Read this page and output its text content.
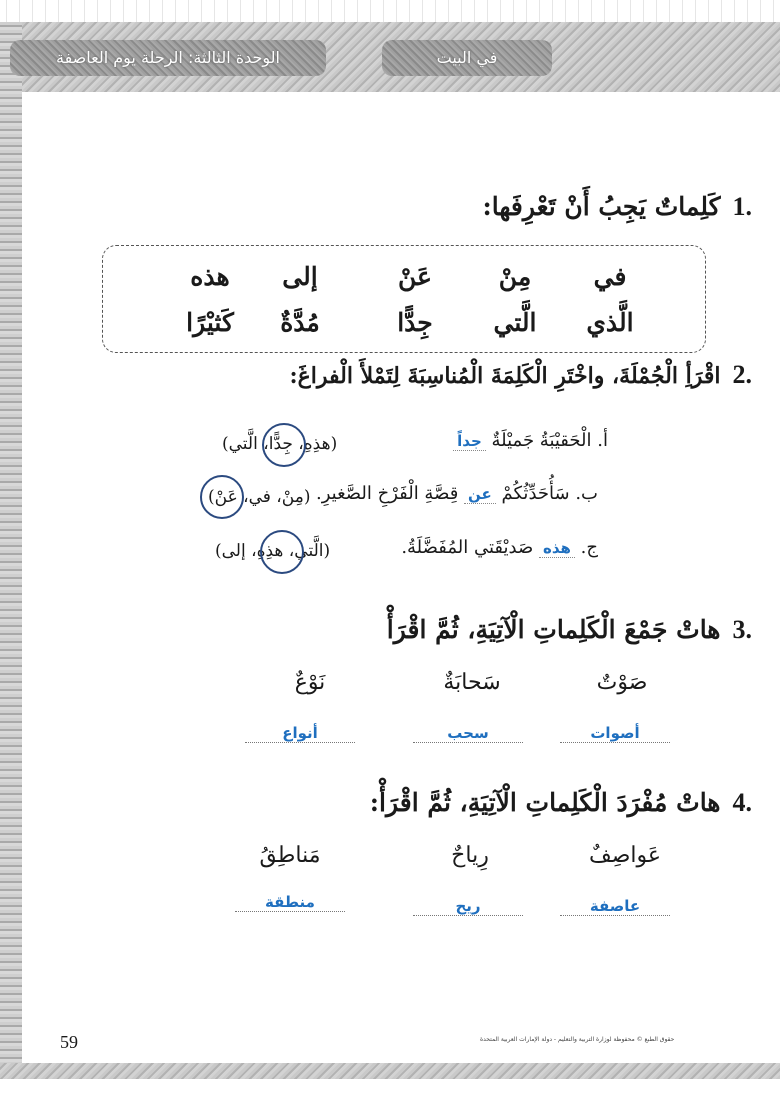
الوحدة الثالثة: الرحلة يوم العاصفة	في البيت
1.
كَلِماتٌ يَجِبُ أَنْ تَعْرِفَها:
في
مِنْ
عَنْ
إلى
هذه
الَّذي
الَّتي
جِدًّا
مُدَّةٌ
كَثيْرًا
2.
اقْرَأِ الْجُمْلَةَ، واخْتَرِ الْكَلِمَةَ الْمُناسِبَةَ لِتَمْلأَ الْفراغَ:
أ. الْحَقيْبَةُ جَميْلَةٌ جداً
(هذِهِ، جِدًّا، الَّتي)
ب. سَأُحَدِّثُكُمْ عن قِصَّةِ الْفَرْخِ الصَّغيرِ.
(مِنْ، في، عَنْ)
ج. هذه صَديْقَتي المُفَضَّلَةُ.
(الَّتي، هذِهِ، إلى)
3.
هاتْ جَمْعَ الْكَلِماتِ الْآتِيَةِ، ثُمَّ اقْرَأْ
صَوْتٌ
سَحابَةٌ
نَوْعٌ
أصوات
سحب
أنواع
4.
هاتْ مُفْرَدَ الْكَلِماتِ الْآتِيَةِ، ثُمَّ اقْرَأْ:
عَواصِفٌ
رِياحٌ
مَناطِقُ
عاصفة
ريح
منطقة
59	حقوق الطبع © محفوظة لوزارة التربية والتعليم - دولة الإمارات العربية المتحدة
